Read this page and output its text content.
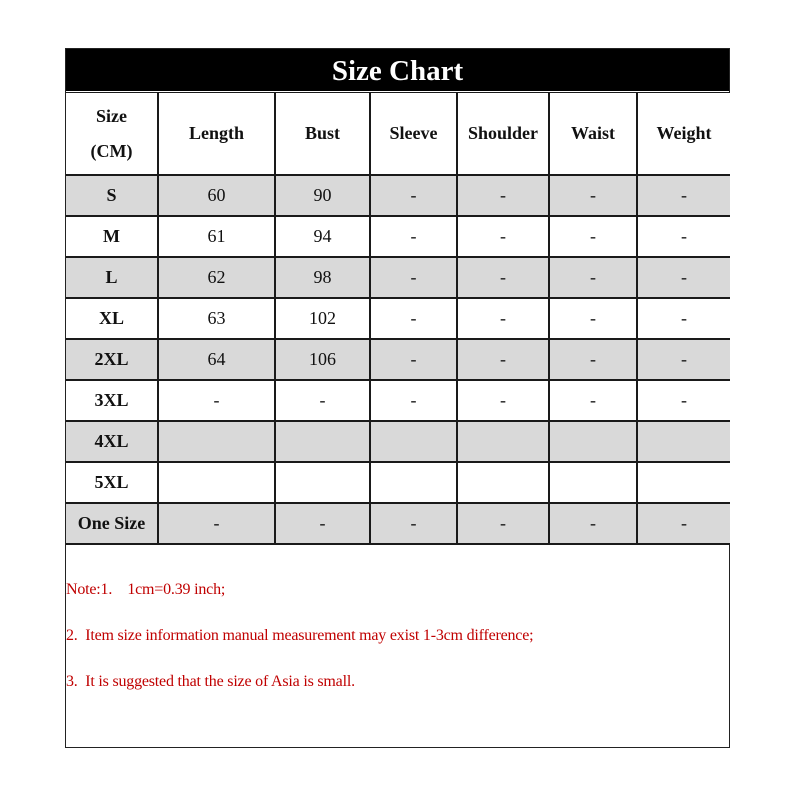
Size Chart
Size
(CM)	Length	Bust	Sleeve	Shoulder	Waist	Weight
S	60	90	-	-	-	-
M	61	94	-	-	-	-
L	62	98	-	-	-	-
XL	63	102	-	-	-	-
2XL	64	106	-	-	-	-
3XL	-	-	-	-	-	-
4XL						
5XL						
One Size	-	-	-	-	-	-
Note:1.    1cm=0.39 inch;
2.  Item size information manual measurement may exist 1-3cm difference;
3.  It is suggested that the size of Asia is small.
